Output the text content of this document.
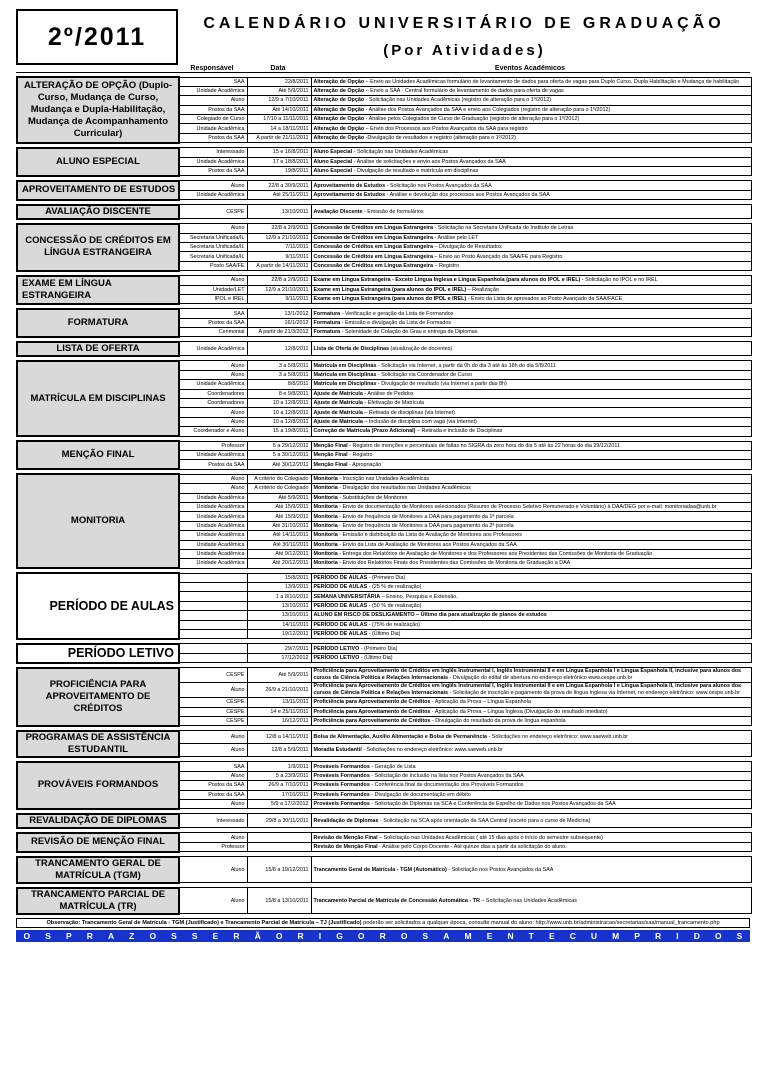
2º/2011	CALENDÁRIO UNIVERSITÁRIO DE GRADUAÇÃO
(Por Atividades)
	Responsável	Data	Eventos Acadêmicos
ALTERAÇÃO DE OPÇÃO (Duplo-Curso, Mudança de Curso, Mudança e Dupla-Habilitação, Mudança de Acompanhamento Curricular)	SAA	22/8/2011	Alteração de Opção – Envio as Unidades Acadêmicas formulário de levantamento de dados para oferta de vagas para Duplo Curso, Dupla Habilitação e Mudança de habilitação
	Unidade Acadêmica	Até 5/9/2011	Alteração de Opção – Envio a SAA - Central formulário de levantamento de dados para oferta de vagas
	Aluno	12/9 a 7/10/2011	Alteração de Opção - Solicitação nas Unidades Acadêmicas (registro de alteração para o 1º/2012)
	Postos da SAA	Até 14/10/2011	Alteração de Opção - Análise dos Postos Avançados da SAA e envio aos Colegiados (registro de alteração para o 1º/2012)
	Colegiado de Curso	17/10 a 11/11/2011	Alteração de Opção - Análise pelos Colegiados de Curso de Graduação (registro de alteração para o 1º/2012)
	Unidade Acadêmica	14 a 18/11/2011	Alteração de Opção – Envio dos Processos aos Postos Avançados da SAA para registro
	Postos da SAA	A partir de 21/11/2011	Alteração de Opção -Divulgação de resultados e registro (alteração para o 1º/2012)
ALUNO ESPECIAL	Interessado	15 e 16/8/2011	Aluno Especial - Solicitação nas Unidades Acadêmicas
	Unidade Acadêmica	17 e 18/8/2011	Aluno Especial - Análise de solicitações e envio aos Postos Avançados da SAA
	Postos da SAA	19/8/2011	Aluno Especial - Divulgação de resultado e matrícula em disciplinas
APROVEITAMENTO DE ESTUDOS	Aluno	22/8 a 30/9/2011	Aproveitamento de Estudos - Solicitação nos Postos Avançados da SAA
	Unidade Acadêmica	Até 25/11/2011	Aproveitamento de Estudos - Análise e devolução dos processos aos Postos Avançados da SAA
AVALIAÇÃO DISCENTE	CESPE	13/10/2011	Avaliação Discente - Emissão de formulários
CONCESSÃO DE CRÉDITOS EM LÍNGUA ESTRANGEIRA	Aluno	22/8 a 2/9/2011	Concessão de Créditos em Língua Estrangeira - Solicitação na Secretaria Unificada do Instituto de Letras
	Secretaria Unificada/IL	12/9 a 21/10/2011	Concessão de Créditos em Língua Estrangeira - Análise pelo LET
	Secretaria Unificada/IL	7/11/2011	Concessão de Créditos em Língua Estrangeira – Divulgação de Resultados
	Secretaria Unificada/IL	9/11/2011	Concessão de Créditos em Língua Estrangeira – Envio ao Posto Avançado da SAA/FE para Registro
	Posto SAA/FE	A partir de 14/11/2011	Concessão de Créditos em Língua Estrangeira – Registro
EXAME EM LÍNGUA ESTRANGEIRA	Aluno	22/8 a 2/9/2011	Exame em Língua Estrangeira - Exceto Língua Inglesa e Língua Espanhola (para alunos do IPOL e IREL) - Solicitação no IPOL e no IREL
	Unidade/LET	12/9 a 21/10/2011	Exame em Língua Estrangeira (para alunos do IPOL e IREL) – Realização
	IPOL e IREL	9/11/2011	Exame em Língua Estrangeira (para alunos do IPOL e IREL) - Envio da Lista de aprovados ao Posto Avançado da SAA/FACE
FORMATURA	SAA	13/1/2012	Formatura - Verificação e geração da Lista de Formandos
	Postos da SAA	16/1/2012	Formatura - Emissão e divulgação da Lista de Formados
	Cerimonial	A partir de 21/3/2012	Formatura - Solenidade de Colação de Grau e entrega de Diplomas
LISTA DE OFERTA	Unidade Acadêmica	12/8/2011	Lista de Oferta de Disciplinas (atualização de docentes)
MATRÍCULA EM DISCIPLINAS	Aluno	3 a 5/8/2011	Matrícula em Disciplinas - Solicitação via Internet, a partir da 0h do dia 3 até às 18h do dia 5/8/2011
	Aluno	3 a 5/8/2011	Matrícula em Disciplinas - Solicitação via Coordenador de Curso
	Unidade Acadêmica	8/8/2011	Matrícula em Disciplinas - Divulgação de resultado (via Internet a partir das 8h)
	Coordenadores	8 e 9/8/2011	Ajuste de Matrícula - Análise de Pedidos
	Coordenadores	10 a 12/8/2011	Ajuste de Matrícula - Efetivação de Matrícula
	Aluno	10 a 12/8/2011	Ajuste de Matrícula – Retirada de disciplinas (via Internet)
	Aluno	10 a 12/8/2011	Ajuste de Matrícula – Inclusão de disciplina com vaga (via Internet)
	Coordenador e Aluno	15 a 19/8/2011	Correção de Matrícula (Prazo Adicional) – Retirada e inclusão de Disciplinas
MENÇÃO FINAL	Professor	5 a 29/12/2011	Menção Final - Registro de menções e percentuais de faltas no SIGRA da zero hora do dia 5 até às 22 horas do dia 29/12/2011
	Unidade Acadêmica	5 a 30/12/2011	Menção Final - Registro
	Postos da SAA	Até 30/12/2011	Menção Final - Apropriação
MONITORIA	Aluno	A critério do Colegiado	Monitoria - Inscrição nas Unidades Acadêmicas
	Aluno	A critério do Colegiado	Monitoria - Divulgação dos resultados nas Unidades Acadêmicas
	Unidade Acadêmica	Até 5/9/2011	Monitoria - Substituições de Monitores
	Unidade Acadêmica	Até 15/9/2011	Monitoria - Envio de documentação de Monitores selecionados (Resumo de Processo Seletivo Remunerado e Voluntário) à DAA/DEG por e-mail: monitoriadaa@unb.br
	Unidade Acadêmica	Até 15/9/2011	Monitoria - Envio de frequência de Monitores a DAA para pagamento da 1ª parcela
	Unidade Acadêmica	Até 31/10/2011	Monitoria - Envio de frequência de Monitores a DAA para pagamento da 2ª parcela
	Unidade Acadêmica	Até 14/11/2011	Monitoria - Emissão e distribuição da Lista de Avaliação de Monitores aos Professores
	Unidade Acadêmica	Até 30/11/2011	Monitoria - Envio da Lista de Avaliação de Monitores aos Postos Avançados da SAA
	Unidade Acadêmica	Até 9/12/2011	Monitoria - Entrega dos Relatórios de Avaliação de Monitores e dos Professores aos Presidentes das Comissões de Monitoria de Graduação
	Unidade Acadêmica	Até 20/12/2011	Monitoria - Envio dos Relatórios Finais dos Presidentes das Comissões de Monitoria de Graduação a DAA
PERÍODO DE AULAS		15/8/2011	PERÍODO DE AULAS - (Primeiro Dia)
		13/9/2011	PERÍODO DE AULAS - (25 % de realização)
		1 a 8/10/2011	SEMANA UNIVERSITÁRIA – Ensino, Pesquisa e Extensão.
		13/10/2011	PERÍODO DE AULAS - (50 % de realização)
		13/10/2011	ALUNO EM RISCO DE DESLIGAMENTO – Último dia para atualização de planos de estudos
		14/11/2011	PERÍODO DE AULAS - (75% de realização)
		19/12/2011	PERÍODO DE AULAS - (Último Dia)
PERÍODO LETIVO		29/7/2011	PERÍODO LETIVO - (Primeiro Dia)
		17/12/2012	PERÍODO LETIVO - (Último Dia)
PROFICIÊNCIA PARA APROVEITAMENTO DE CRÉDITOS	CESPE	Até 5/9/2011	Proficiência para Aproveitamento de Créditos em Inglês Instrumental I, Inglês Instrumental II e em Língua Espanhola I e Língua Espanhola II, inclusive para alunos dos cursos de Ciência Política e Relações Internacionais - Divulgação do edital de abertura no endereço eletrônico www.cespe.unb.br
	Aluno	26/9 a 21/10/2011	Proficiência para Aproveitamento de Créditos em Inglês Instrumental I, Inglês Instrumental II e em Língua Espanhola I e Língua Espanhola II, inclusive para alunos dos cursos de Ciência Política e Relações Internacionais - Solicitação de inscrição e pagamento da prova de língua inglesa via Internet, no endereço eletrônico: www.cespe.unb.br
	CESPE	13/11/2011	Proficiência para Aproveitamento de Créditos - Aplicação da Prova – Língua Espanhola
	CESPE	14 e 25/11/2011	Proficiência para Aproveitamento de Créditos - Aplicação da Prova – Língua Inglesa (Divulgação do resultado imediato)
	CESPE	16/12/2011	Proficiência para Aproveitamento de Créditos - Divulgação do resultado da prova de língua espanhola
PROGRAMAS DE ASSISTÊNCIA ESTUDANTIL	Aluno	12/8 a 14/11/2011	Bolsa de Alimentação, Auxílio Alimentação e Bolsa de Permanência - Solicitações no endereço eletrônico: www.saeweb.unb.br
	Aluno	12/8 a 5/9/2011	Moradia Estudantil - Solicitações no endereço eletrônico: www.saeweb.unb.br
PROVÁVEIS FORMANDOS	SAA	1/9/2011	Prováveis Formandos - Geração de Lista
	Aluno	5 a 23/9/2011	Prováveis Formandos - Solicitação de inclusão na lista nos Postos Avançados da SAA
	Postos da SAA	26/9 a 7/10/2011	Prováveis Formandos - Conferência final de documentação dos Prováveis Formandos
	Postos da SAA	17/10/2011	Prováveis Formandos - Divulgação de documentação em débito
	Aluno	5/9 a 17/2/2012	Prováveis Formandos - Solicitação de Diplomas na SCA e Conferência de Espelho de Dados nos Postos Avançados da SAA
REVALIDAÇÃO DE DIPLOMAS	Interessado	29/8 a 30/11/2011	Revalidação de Diplomas - Solicitação na SCA após orientação da SAA Central (exceto para o curso de Medicina)
REVISÃO DE MENÇÃO FINAL	Aluno		Revisão de Menção Final – Solicitação nas Unidades Acadêmicas ( até 15 dias após o início do semestre subsequente)
	Professor		Revisão de Menção Final - Análise pelo Corpo Docente - Até quinze dias a partir da solicitação do aluno.
TRANCAMENTO GERAL DE MATRÍCULA (TGM)	Aluno	15/8 a 19/12/2011	Trancamento Geral de Matrícula - TGM (Automático) - Solicitação nos Postos Avançados da SAA
TRANCAMENTO PARCIAL DE MATRÍCULA (TR)	Aluno	15/8 a 13/10/2011	Trancamento Parcial de Matrícula de Concessão Automática - TR – Solicitação nas Unidades Acadêmicas
Observação: Trancamento Geral de Matrícula - TGM (Justificado) e Trancamento Parcial de Matrícula – TJ (Justificado) poderão ser solicitados a qualquer época, consulte manual do aluno: http://www.unb.br/administracao/secretarias/saa/manual_trancamento.php
O S P R A Z O S S E R Ã O R I G O R O S A M E N T E C U M P R I D O S
